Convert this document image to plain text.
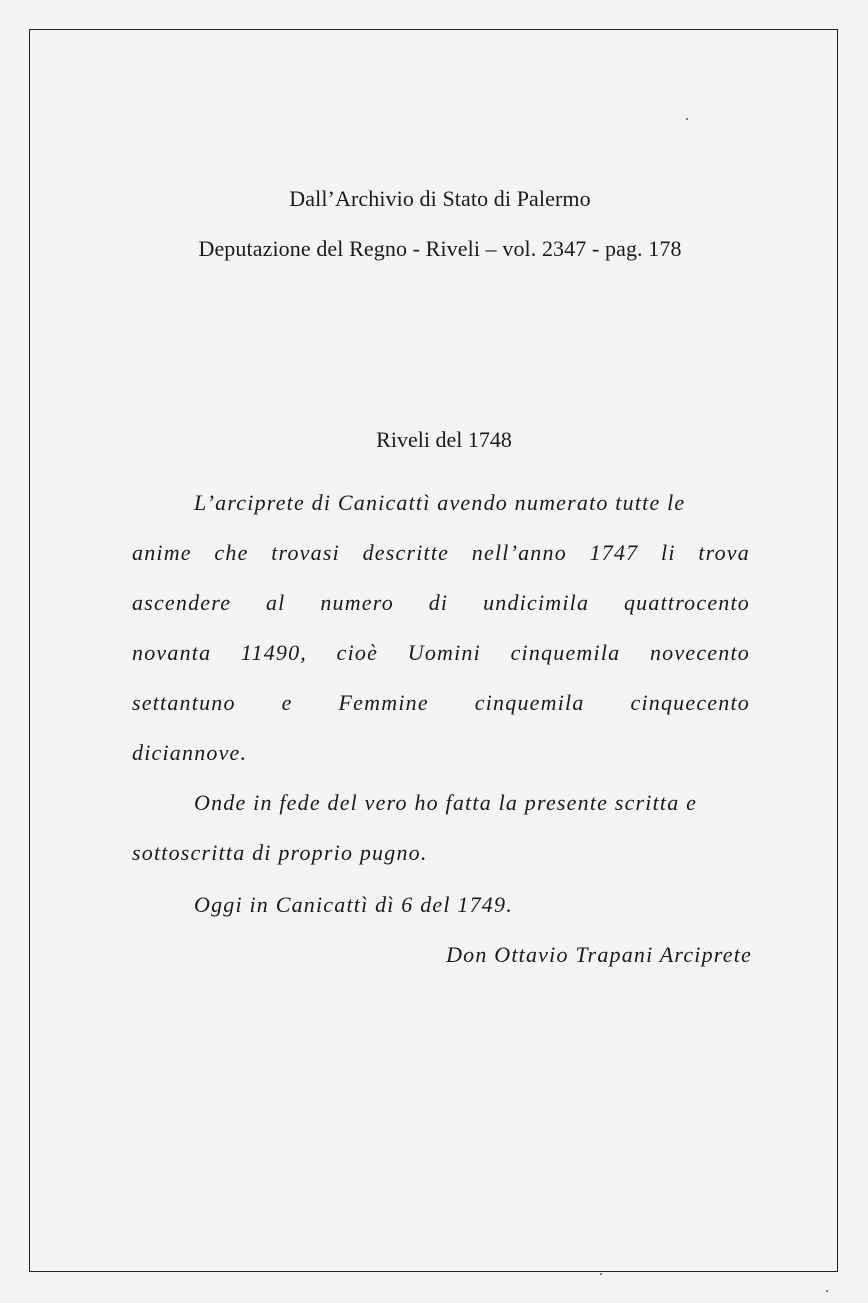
Dall’Archivio di Stato di Palermo
Deputazione del Regno - Riveli – vol. 2347 - pag. 178
Riveli del 1748
L’arciprete di Canicattì avendo numerato tutte le
anime che trovasi descritte nell’anno 1747 li trova
ascendere al numero di undicimila quattrocento
novanta 11490, cioè Uomini cinquemila novecento
settantuno e Femmine cinquemila cinquecento
diciannove.
Onde in fede del vero ho fatta la presente scritta e
sottoscritta di proprio pugno.
Oggi in Canicattì dì 6 del 1749.
Don Ottavio Trapani Arciprete
